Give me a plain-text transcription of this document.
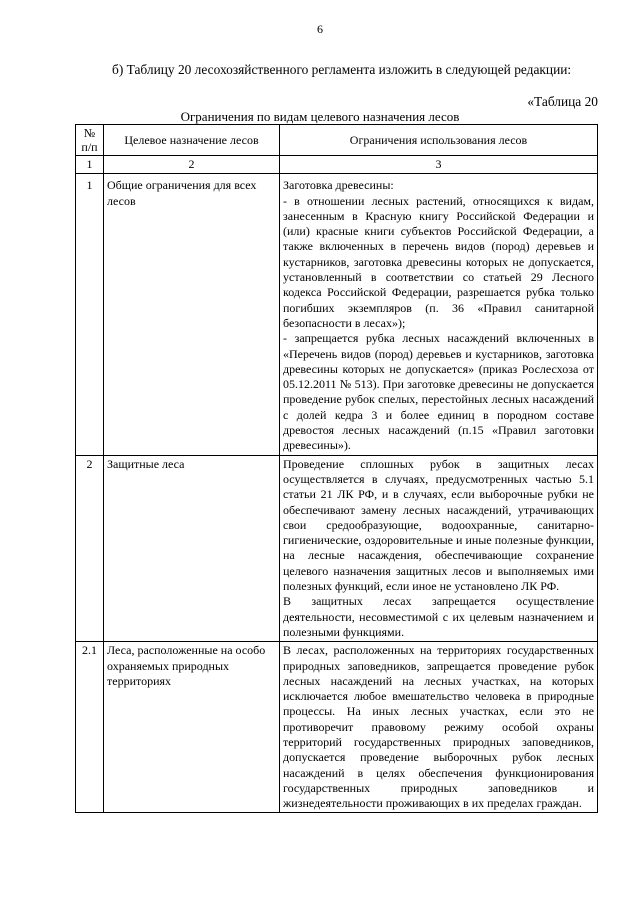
6

б) Таблицу 20 лесохозяйственного регламента изложить в следующей редакции:

«Таблица 20
Ограничения по видам целевого назначения лесов
№ п/п	Целевое назначение лесов	Ограничения использования лесов
1	2	3
1	Общие ограничения для всех лесов	Заготовка древесины:

- в отношении лесных растений, относящихся к видам, занесенным в Красную книгу Российской Федерации и (или) красные книги субъектов Российской Федерации, а также включенных в перечень видов (пород) деревьев и кустарников, заготовка древесины которых не допускается, установленный в соответствии со статьей 29 Лесного кодекса Российской Федерации, разрешается рубка только погибших экземпляров (п. 36 «Правил санитарной безопасности в лесах»);

- запрещается рубка лесных насаждений включенных в «Перечень видов (пород) деревьев и кустарников, заготовка древесины которых не допускается» (приказ Рослесхоза от 05.12.2011 № 513). При заготовке древесины не допускается проведение рубок спелых, перестойных лесных насаждений с долей кедра 3 и более единиц в породном составе древостоя лесных насаждений (п.15 «Правил заготовки древесины»).

2	Защитные леса	Проведение сплошных рубок в защитных лесах осуществляется в случаях, предусмотренных частью 5.1 статьи 21 ЛК РФ, и в случаях, если выборочные рубки не обеспечивают замену лесных насаждений, утрачивающих свои средообразующие, водоохранные, санитарно-гигиенические, оздоровительные и иные полезные функции, на лесные насаждения, обеспечивающие сохранение целевого назначения защитных лесов и выполняемых ими полезных функций, если иное не установлено ЛК РФ.

В защитных лесах запрещается осуществление деятельности, несовместимой с их целевым назначением и полезными функциями.

2.1	Леса, расположенные на особо охраняемых природных территориях	В лесах, расположенных на территориях государственных природных заповедников, запрещается проведение рубок лесных насаждений на лесных участках, на которых исключается любое вмешательство человека в природные процессы. На иных лесных участках, если это не противоречит правовому режиму особой охраны территорий государственных природных заповедников, допускается проведение выборочных рубок лесных насаждений в целях обеспечения функционирования государственных природных заповедников и жизнедеятельности проживающих в их пределах граждан.
